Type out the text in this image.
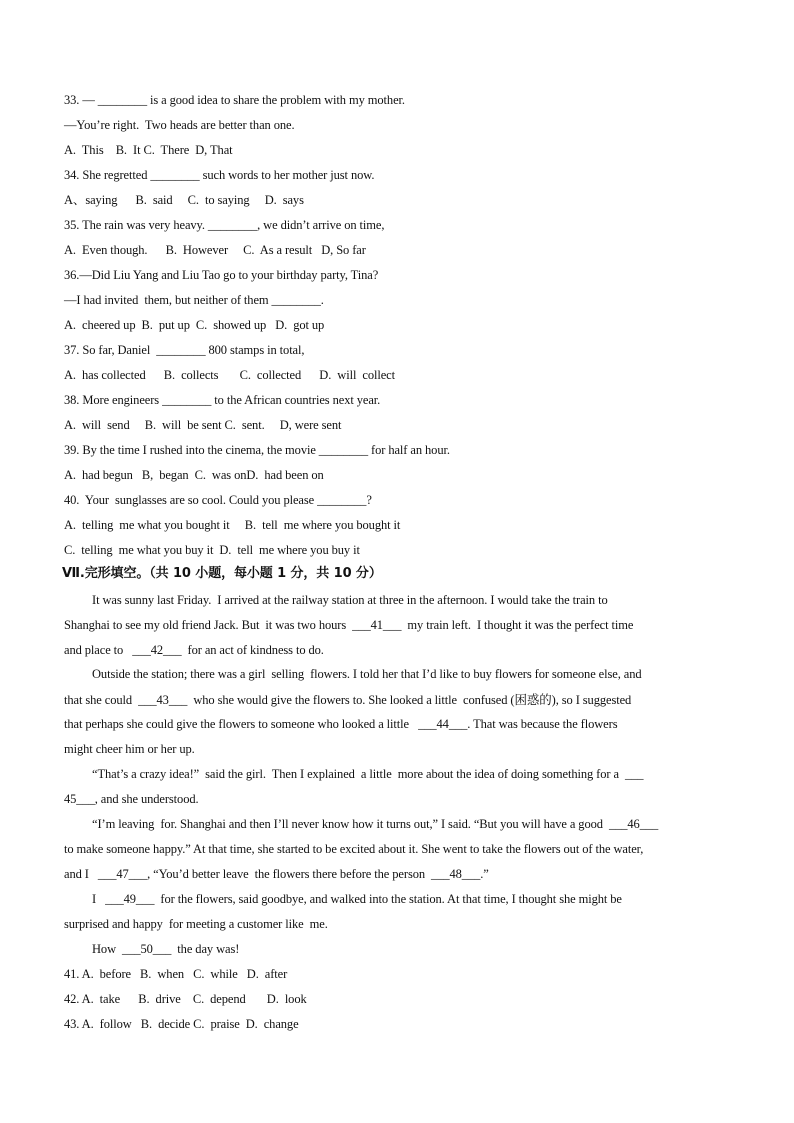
33. — ________ is a good idea to share the problem with my mother.
—You’re right.  Two heads are better than one.
A.  This    B.  It C.  There  D, That
34. She regretted ________ such words to her mother just now.
A、saying      B.  said     C.  to saying     D.  says
35. The rain was very heavy. ________, we didn’t arrive on time,
A.  Even though.      B.  However     C.  As a result   D, So far
36.—Did Liu Yang and Liu Tao go to your birthday party, Tina?
—I had invited  them, but neither of them ________.
A.  cheered up  B.  put up  C.  showed up   D.  got up
37. So far, Daniel  ________ 800 stamps in total,
A.  has collected      B.  collects       C.  collected      D.  will  collect
38. More engineers ________ to the African countries next year.
A.  will  send     B.  will  be sent C.  sent.     D, were sent
39. By the time I rushed into the cinema, the movie ________ for half an hour.
A.  had begun   B,  began  C.  was onD.  had been on
40.  Your  sunglasses are so cool. Could you please ________?
A.  telling  me what you bought it     B.  tell  me where you bought it
C.  telling  me what you buy it  D.  tell  me where you buy it
Ⅶ.完形填空。（共 10 小题，每小题 1 分，共 10 分）
It was sunny last Friday.  I arrived at the railway station at three in the afternoon. I would take the train to
Shanghai to see my old friend Jack. But  it was two hours  ___41___  my train left.  I thought it was the perfect time
and place to   ___42___  for an act of kindness to do.
Outside the station; there was a girl  selling  flowers. I told her that I’d like to buy flowers for someone else, and
that she could  ___43___  who she would give the flowers to. She looked a little  confused (困惑的), so I suggested
that perhaps she could give the flowers to someone who looked a little   ___44___. That was because the flowers
might cheer him or her up.
“That’s a crazy idea!”  said the girl.  Then I explained  a little  more about the idea of doing something for a  ___
45___, and she understood.
“I’m leaving  for. Shanghai and then I’ll never know how it turns out,” I said. “But you will have a good  ___46___
to make someone happy.” At that time, she started to be excited about it. She went to take the flowers out of the water,
and I   ___47___, “You’d better leave  the flowers there before the person  ___48___.”
I   ___49___  for the flowers, said goodbye, and walked into the station. At that time, I thought she might be
surprised and happy  for meeting a customer like  me.
How  ___50___  the day was!
41. A.  before   B.  when   C.  while   D.  after
42. A.  take      B.  drive    C.  depend       D.  look
43. A.  follow   B.  decide C.  praise  D.  change
